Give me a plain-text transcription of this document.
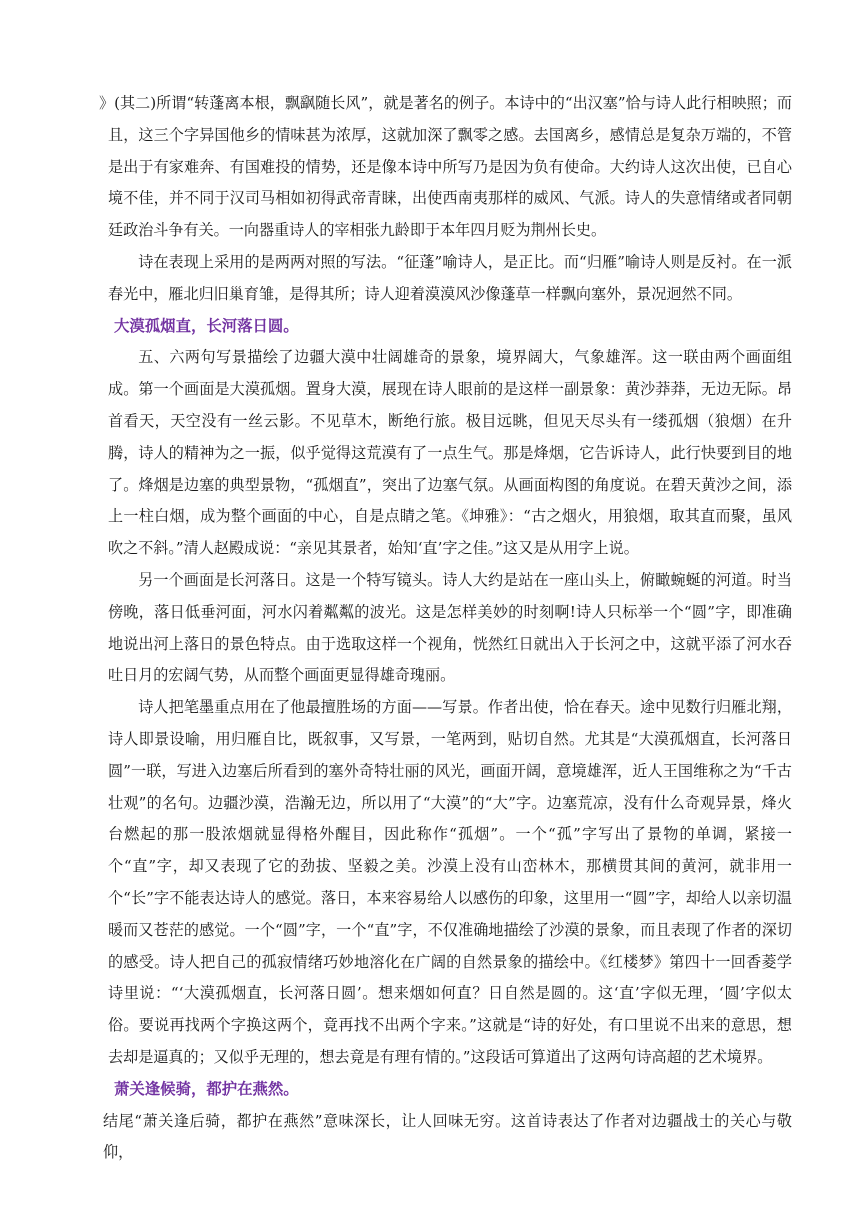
》(其二)所谓“转蓬离本根，飘飖随长风”，就是著名的例子。本诗中的“出汉塞”恰与诗人此行相映照；而且，这三个字异国他乡的情味甚为浓厚，这就加深了飘零之感。去国离乡，感情总是复杂万端的，不管是出于有家难奔、有国难投的情势，还是像本诗中所写乃是因为负有使命。大约诗人这次出使，已自心境不佳，并不同于汉司马相如初得武帝青睐，出使西南夷那样的威风、气派。诗人的失意情绪或者同朝廷政治斗争有关。一向器重诗人的宰相张九龄即于本年四月贬为荆州长史。

诗在表现上采用的是两两对照的写法。“征蓬”喻诗人，是正比。而“归雁”喻诗人则是反衬。在一派春光中，雁北归旧巢育雏，是得其所；诗人迎着漠漠风沙像蓬草一样飘向塞外，景况迥然不同。

大漠孤烟直，长河落日圆。

五、六两句写景描绘了边疆大漠中壮阔雄奇的景象，境界阔大，气象雄浑。这一联由两个画面组成。第一个画面是大漠孤烟。置身大漠，展现在诗人眼前的是这样一副景象：黄沙莽莽，无边无际。昂首看天，天空没有一丝云影。不见草木，断绝行旅。极目远眺，但见天尽头有一缕孤烟（狼烟）在升腾，诗人的精神为之一振，似乎觉得这荒漠有了一点生气。那是烽烟，它告诉诗人，此行快要到目的地了。烽烟是边塞的典型景物，“孤烟直”，突出了边塞气氛。从画面构图的角度说。在碧天黄沙之间，添上一柱白烟，成为整个画面的中心，自是点睛之笔。《坤雅》：“古之烟火，用狼烟，取其直而聚，虽风吹之不斜。”清人赵殿成说：“亲见其景者，始知‘直’字之佳。”这又是从用字上说。

另一个画面是长河落日。这是一个特写镜头。诗人大约是站在一座山头上，俯瞰蜿蜒的河道。时当傍晚，落日低垂河面，河水闪着粼粼的波光。这是怎样美妙的时刻啊!诗人只标举一个“圆”字，即准确地说出河上落日的景色特点。由于选取这样一个视角，恍然红日就出入于长河之中，这就平添了河水吞吐日月的宏阔气势，从而整个画面更显得雄奇瑰丽。

诗人把笔墨重点用在了他最擅胜场的方面——写景。作者出使，恰在春天。途中见数行归雁北翔，诗人即景设喻，用归雁自比，既叙事，又写景，一笔两到，贴切自然。尤其是“大漠孤烟直，长河落日圆”一联，写进入边塞后所看到的塞外奇特壮丽的风光，画面开阔，意境雄浑，近人王国维称之为“千古壮观”的名句。边疆沙漠，浩瀚无边，所以用了“大漠”的“大”字。边塞荒凉，没有什么奇观异景，烽火台燃起的那一股浓烟就显得格外醒目，因此称作“孤烟”。一个“孤”字写出了景物的单调，紧接一个“直”字，却又表现了它的劲拔、坚毅之美。沙漠上没有山峦林木，那横贯其间的黄河，就非用一个“长”字不能表达诗人的感觉。落日，本来容易给人以感伤的印象，这里用一“圆”字，却给人以亲切温暖而又苍茫的感觉。一个“圆”字，一个“直”字，不仅准确地描绘了沙漠的景象，而且表现了作者的深切的感受。诗人把自己的孤寂情绪巧妙地溶化在广阔的自然景象的描绘中。《红楼梦》第四十一回香菱学诗里说：“‘大漠孤烟直，长河落日圆’。想来烟如何直？日自然是圆的。这‘直’字似无理，‘圆’字似太俗。要说再找两个字换这两个，竟再找不出两个字来。”这就是“诗的好处，有口里说不出来的意思，想去却是逼真的；又似乎无理的，想去竟是有理有情的。”这段话可算道出了这两句诗高超的艺术境界。

萧关逢候骑，都护在燕然。

结尾“萧关逢后骑，都护在燕然”意味深长，让人回味无穷。这首诗表达了作者对边疆战士的关心与敬仰，
